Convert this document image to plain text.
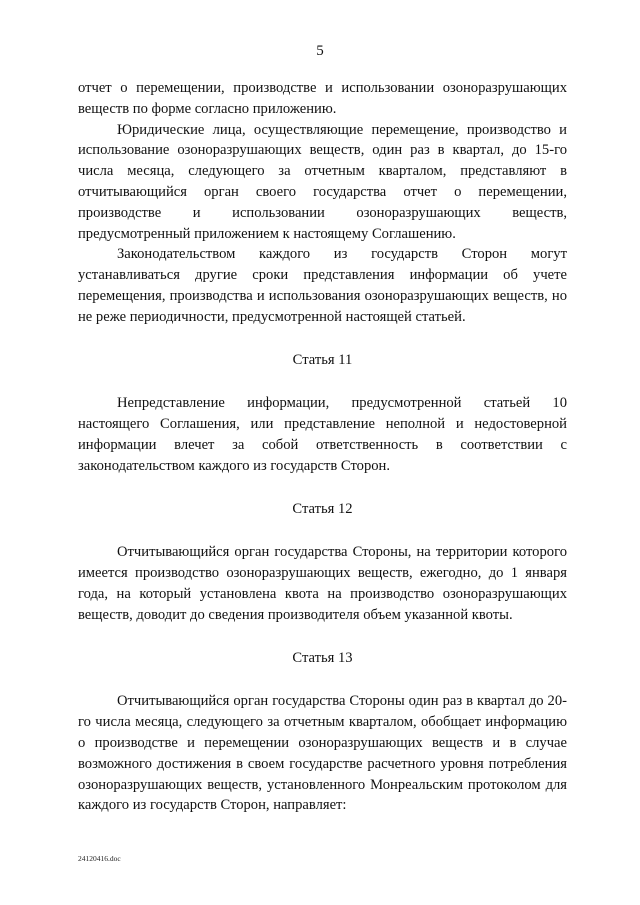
5

отчет о перемещении, производстве и использовании озоноразрушающих веществ по форме согласно приложению.

Юридические лица, осуществляющие перемещение, производство и использование озоноразрушающих веществ, один раз в квартал, до 15-го числа месяца, следующего за отчетным кварталом, представляют в отчитывающийся орган своего государства отчет о перемещении, производстве и использовании озоноразрушающих веществ, предусмотренный приложением к настоящему Соглашению.

Законодательством каждого из государств Сторон могут устанавливаться другие сроки представления информации об учете перемещения, производства и использования озоноразрушающих веществ, но не реже периодичности, предусмотренной настоящей статьей.

Статья 11

Непредставление информации, предусмотренной статьей 10 настоящего Соглашения, или представление неполной и недостоверной информации влечет за собой ответственность в соответствии с законодательством каждого из государств Сторон.

Статья 12

Отчитывающийся орган государства Стороны, на территории которого имеется производство озоноразрушающих веществ, ежегодно, до 1 января года, на который установлена квота на производство озоноразрушающих веществ, доводит до сведения производителя объем указанной квоты.

Статья 13

Отчитывающийся орган государства Стороны один раз в квартал до 20-го числа месяца, следующего за отчетным кварталом, обобщает информацию о производстве и перемещении озоноразрушающих веществ и в случае возможного достижения в своем государстве расчетного уровня потребления озоноразрушающих веществ, установленного Монреальским протоколом для каждого из государств Сторон, направляет:

24120416.doc
